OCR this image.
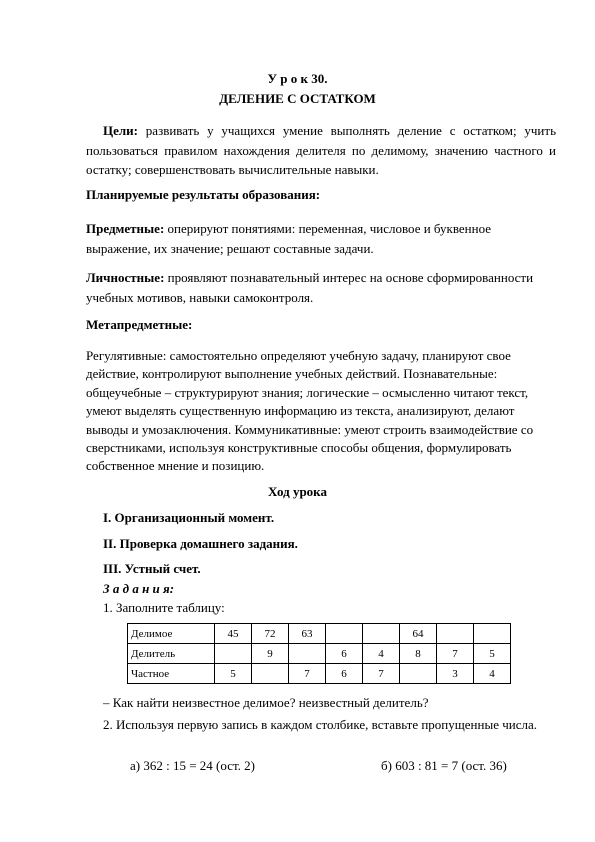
У р о к 30.
ДЕЛЕНИЕ С ОСТАТКОМ
Цели: развивать у учащихся умение выполнять деление с остатком; учить пользоваться правилом нахождения делителя по делимому, значению частного и остатку; совершенствовать вычислительные навыки.
Планируемые результаты образования:
Предметные: оперируют понятиями: переменная, числовое и буквенное выражение, их значение; решают составные задачи.
Личностные: проявляют познавательный интерес на основе сформированности учебных мотивов, навыки самоконтроля.
Метапредметные:
Регулятивные: самостоятельно определяют учебную задачу, планируют свое действие, контролируют выполнение учебных действий. Познавательные: общеучебные – структурируют знания; логические – осмысленно читают текст, умеют выделять существенную информацию из текста, анализируют, делают выводы и умозаключения. Коммуникативные: умеют строить взаимодействие со сверстниками, используя конструктивные способы общения, формулировать собственное мнение и позицию.
Ход урока
I. Организационный момент.
II. Проверка домашнего задания.
III. Устный счет.
З а д а н и я:
1. Заполните таблицу:
Делимое	45	72	63			64		
Делитель		9		6	4	8	7	5
Частное	5		7	6	7		3	4
– Как найти неизвестное делимое? неизвестный делитель?
2. Используя первую запись в каждом столбике, вставьте пропущенные числа.
а) 362 : 15 = 24 (ост. 2)	б) 603 : 81 = 7 (ост. 36)
